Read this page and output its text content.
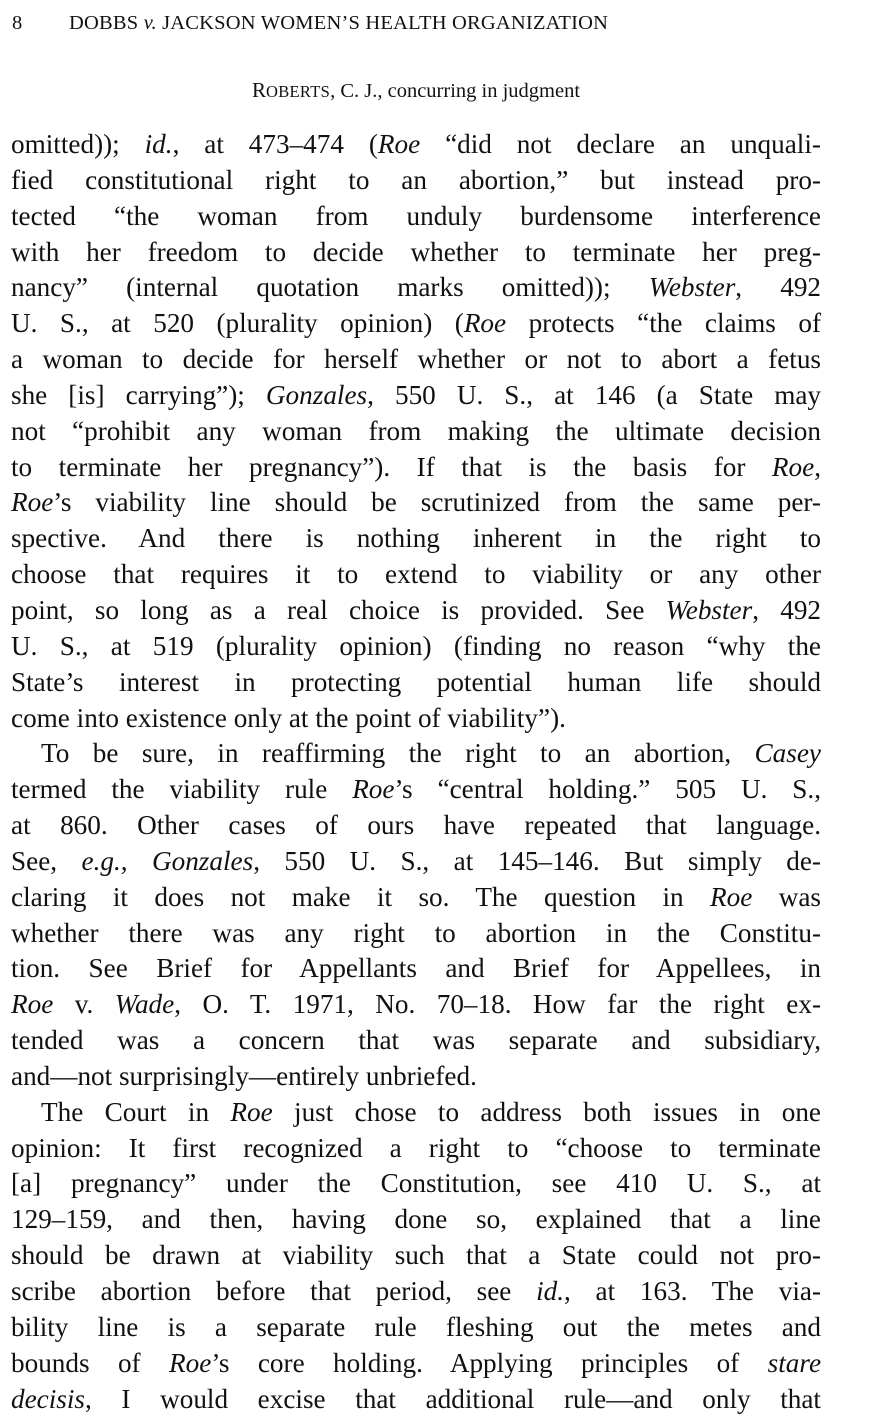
8 DOBBS v. JACKSON WOMEN’S HEALTH ORGANIZATION
ROBERTS, C. J., concurring in judgment
omitted)); id., at 473–474 (Roe “did not declare an unquali-
fied constitutional right to an abortion,” but instead pro-
tected “the woman from unduly burdensome interference
with her freedom to decide whether to terminate her preg-
nancy” (internal quotation marks omitted)); Webster, 492
U. S., at 520 (plurality opinion) (Roe protects “the claims of
a woman to decide for herself whether or not to abort a fetus
she [is] carrying”); Gonzales, 550 U. S., at 146 (a State may
not “prohibit any woman from making the ultimate decision
to terminate her pregnancy”). If that is the basis for Roe,
Roe’s viability line should be scrutinized from the same per-
spective. And there is nothing inherent in the right to
choose that requires it to extend to viability or any other
point, so long as a real choice is provided. See Webster, 492
U. S., at 519 (plurality opinion) (finding no reason “why the
State’s interest in protecting potential human life should
come into existence only at the point of viability”).
To be sure, in reaffirming the right to an abortion, Casey
termed the viability rule Roe’s “central holding.” 505 U. S.,
at 860. Other cases of ours have repeated that language.
See, e.g., Gonzales, 550 U. S., at 145–146. But simply de-
claring it does not make it so. The question in Roe was
whether there was any right to abortion in the Constitu-
tion. See Brief for Appellants and Brief for Appellees, in
Roe v. Wade, O. T. 1971, No. 70–18. How far the right ex-
tended was a concern that was separate and subsidiary,
and—not surprisingly—entirely unbriefed.
The Court in Roe just chose to address both issues in one
opinion: It first recognized a right to “choose to terminate
[a] pregnancy” under the Constitution, see 410 U. S., at
129–159, and then, having done so, explained that a line
should be drawn at viability such that a State could not pro-
scribe abortion before that period, see id., at 163. The via-
bility line is a separate rule fleshing out the metes and
bounds of Roe’s core holding. Applying principles of stare
decisis, I would excise that additional rule—and only that
